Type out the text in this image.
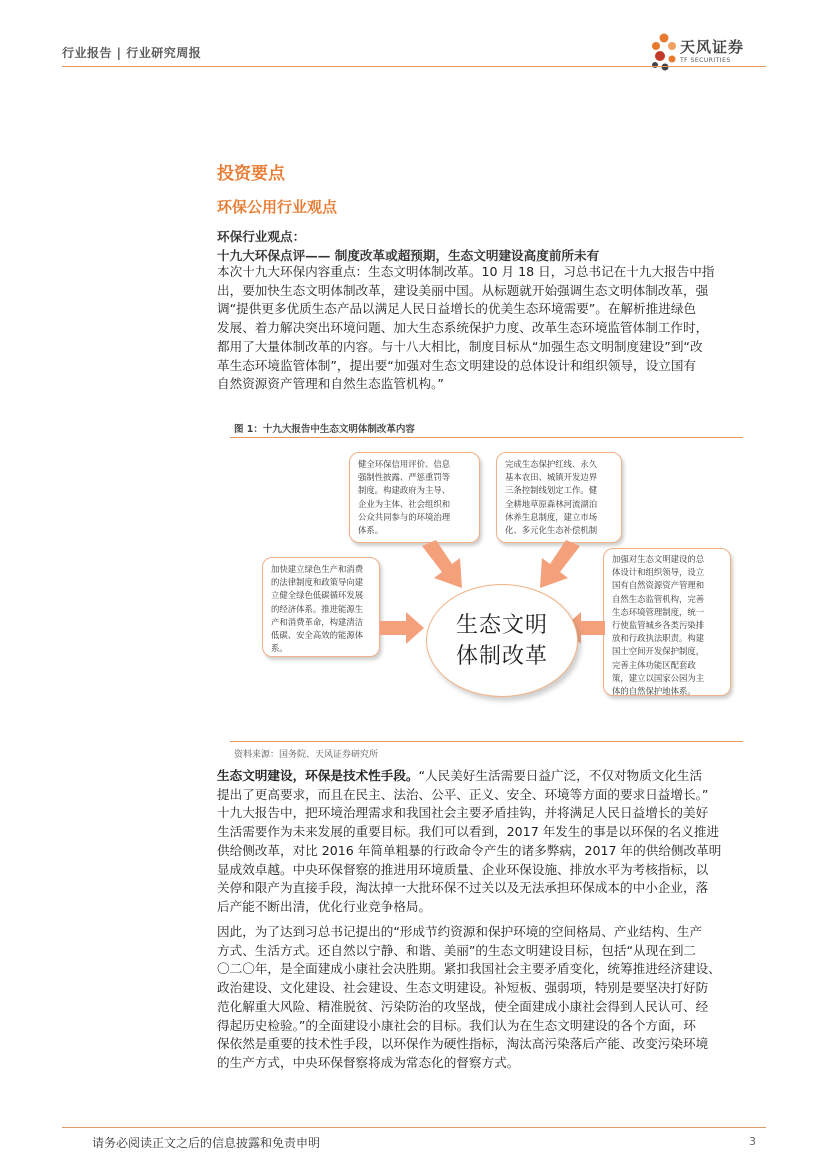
行业报告 | 行业研究周报	天风证券
TF SECURITIES
投资要点
环保公用行业观点
环保行业观点：
十九大环保点评—— 制度改革或超预期，生态文明建设高度前所未有
本次十九大环保内容重点：生态文明体制改革。10 月 18 日，习总书记在十九大报告中指
出，要加快生态文明体制改革，建设美丽中国。从标题就开始强调生态文明体制改革，强
调“提供更多优质生态产品以满足人民日益增长的优美生态环境需要”。在解析推进绿色
发展、着力解决突出环境问题、加大生态系统保护力度、改革生态环境监管体制工作时，
都用了大量体制改革的内容。与十八大相比，制度目标从“加强生态文明制度建设”到“改
革生态环境监管体制”，提出要“加强对生态文明建设的总体设计和组织领导，设立国有
自然资源资产管理和自然生态监管机构。”
图 1：十九大报告中生态文明体制改革内容
健全环保信用评价、信息
强制性披露、严惩重罚等
制度。构建政府为主导、
企业为主体、社会组织和
公众共同参与的环境治理
体系。
完成生态保护红线、永久
基本农田、城镇开发边界
三条控制线划定工作。健
全耕地草原森林河流湖泊
休养生息制度，建立市场
化、多元化生态补偿机制
加快建立绿色生产和消费
的法律制度和政策导向建
立健全绿色低碳循环发展
的经济体系。推进能源生
产和消费革命，构建清洁
低碳、安全高效的能源体
系。
加强对生态文明建设的总
体设计和组织领导，设立
国有自然资源资产管理和
自然生态监管机构，完善
生态环境管理制度，统一
行使监管城乡各类污染排
放和行政执法职责。构建
国土空间开发保护制度，
完善主体功能区配套政
策，建立以国家公园为主
体的自然保护地体系。
生态文明
体制改革
资料来源：国务院、天风证券研究所
生态文明建设，环保是技术性手段。“人民美好生活需要日益广泛，不仅对物质文化生活
提出了更高要求，而且在民主、法治、公平、正义、安全、环境等方面的要求日益增长。”
十九大报告中，把环境治理需求和我国社会主要矛盾挂钩，并将满足人民日益增长的美好
生活需要作为未来发展的重要目标。我们可以看到，2017 年发生的事是以环保的名义推进
供给侧改革，对比 2016 年简单粗暴的行政命令产生的诸多弊病，2017 年的供给侧改革明
显成效卓越。中央环保督察的推进用环境质量、企业环保设施、排放水平为考核指标，以
关停和限产为直接手段，淘汰掉一大批环保不过关以及无法承担环保成本的中小企业，落
后产能不断出清，优化行业竞争格局。
因此，为了达到习总书记提出的“形成节约资源和保护环境的空间格局、产业结构、生产
方式、生活方式。还自然以宁静、和谐、美丽”的生态文明建设目标，包括“从现在到二
〇二〇年，是全面建成小康社会决胜期。紧扣我国社会主要矛盾变化，统筹推进经济建设、
政治建设、文化建设、社会建设、生态文明建设。补短板、强弱项，特别是要坚决打好防
范化解重大风险、精准脱贫、污染防治的攻坚战，使全面建成小康社会得到人民认可、经
得起历史检验。”的全面建设小康社会的目标。我们认为在生态文明建设的各个方面，环
保依然是重要的技术性手段，以环保作为硬性指标，淘汰高污染落后产能、改变污染环境
的生产方式，中央环保督察将成为常态化的督察方式。
请务必阅读正文之后的信息披露和免责申明	3
